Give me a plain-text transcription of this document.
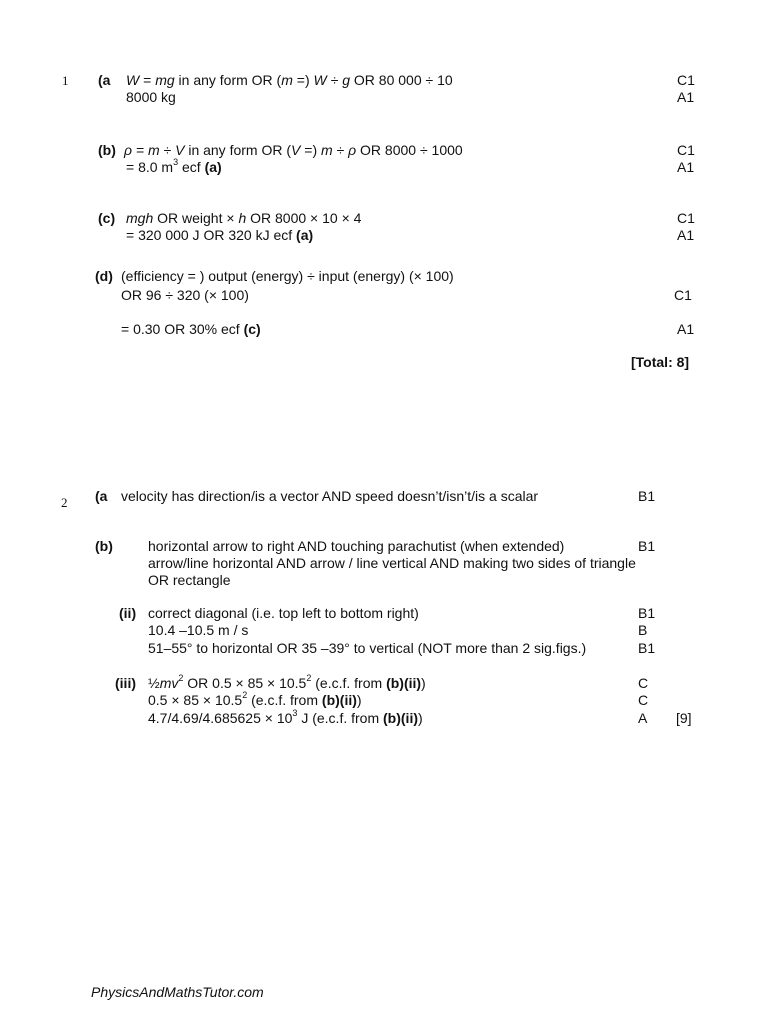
1 (a W = mg in any form OR (m =) W ÷ g OR 80 000 ÷ 10
8000 kg
C1
A1
(b) ρ = m ÷ V in any form OR (V =) m ÷ ρ OR 8000 ÷ 1000
= 8.0 $m^3$ ecf (a)
C1
A1
(c) mgh OR weight × h OR 8000 × 10 × 4
= 320 000 J OR 320 kJ ecf (a)
C1
A1
(d) (efficiency = ) output (energy) ÷ input (energy) (× 100)
OR 96 ÷ 320 (× 100)
= 0.30 OR 30% ecf (c)
C1
A1
[Total: 8]
2 (a velocity has direction/is a vector AND speed doesn’t/isn’t/is a scalar	B1
(b)	horizontal arrow to right AND touching parachutist (when extended)
arrow/line horizontal AND arrow / line vertical AND making two sides of triangle
OR rectangle
B1
(ii) correct diagonal (i.e. top left to bottom right)
10.4 –10.5 m / s
51–55° to horizontal OR 35 –39° to vertical (NOT more than 2 sig.figs.)
B1
B
B1
(iii) $\frac{1}{2}mv^2$ OR $0.5 \times 85 \times 10.5^2$ (e.c.f. from (b)(ii))
$0.5 \times 85 \times 10.5^2$ (e.c.f. from (b)(ii))
$4.7/4.69/4.685625 \times 10^3$ J (e.c.f. from (b)(ii))
C
C
A [9]
PhysicsAndMathsTutor.com
